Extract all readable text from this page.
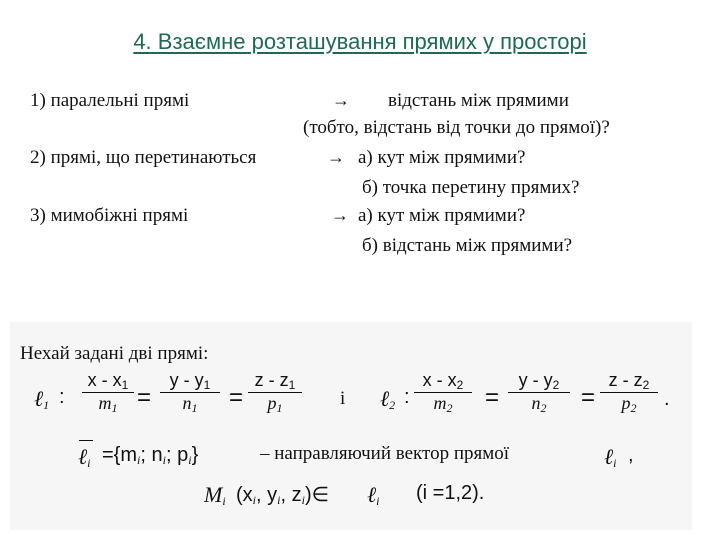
4. Взаємне розташування прямих у просторі
1) паралельні прямі	→ відстань між прямими
(тобто, відстань від точки до прямої)?
2) прямі, що перетинаються	→ а) кут між прямими?
б) точка перетину прямих?
3) мимобіжні прямі	→ а) кут між прямими?
б) відстань між прямими?
Нехай задані дві прямі:
ℓ$_1$ : $\frac{x - x_1}{m_1} = \frac{y - y_1}{n_1} = \frac{z - z_1}{p_1}$ і ℓ$_2$ : $\frac{x - x_2}{m_2} = \frac{y - y_2}{n_2} = \frac{z - z_2}{p_2}$ .
ℓ$_i$ $=\{m_i$; $n_i$; $p_i$}	– направляючий вектор прямої	ℓ$_i$ ,
$M_i$ ($x_i$, $y_i$, $z_i)\in$ ℓ$_i$ (i =1,2).
